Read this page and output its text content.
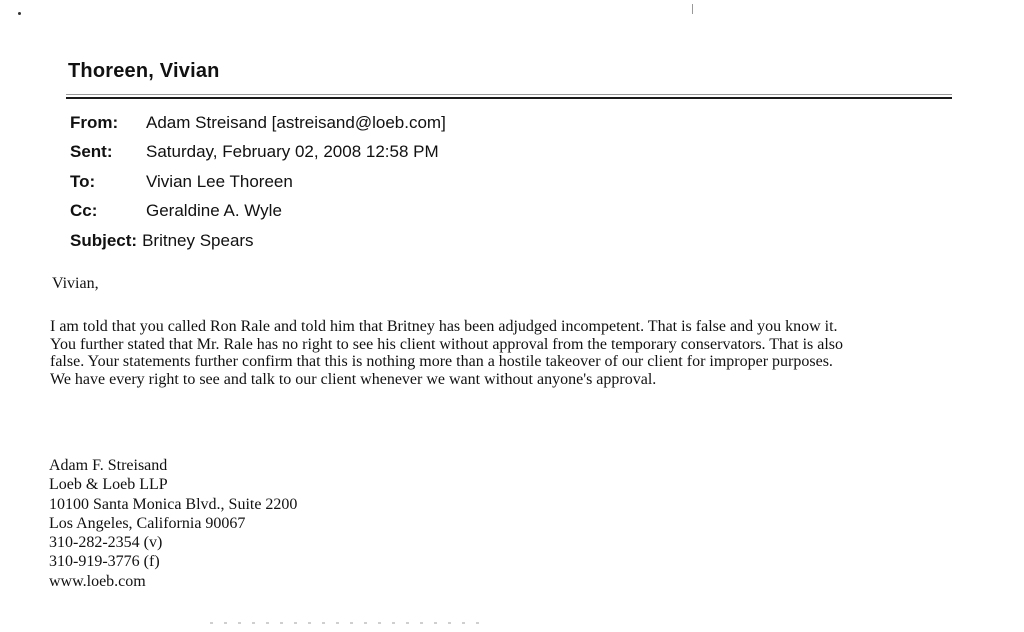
Thoreen, Vivian
From:	Adam Streisand [astreisand@loeb.com]
Sent:	Saturday, February 02, 2008 12:58 PM
To:	Vivian Lee Thoreen
Cc:	Geraldine A. Wyle
Subject: Britney Spears
Vivian,
I am told that you called Ron Rale and told him that Britney has been adjudged incompetent. That is false and you know it.
You further stated that Mr. Rale has no right to see his client without approval from the temporary conservators. That is also
false. Your statements further confirm that this is nothing more than a hostile takeover of our client for improper purposes.
We have every right to see and talk to our client whenever we want without anyone's approval.
Adam F. Streisand
Loeb & Loeb LLP
10100 Santa Monica Blvd., Suite 2200
Los Angeles, California 90067
310-282-2354 (v)
310-919-3776 (f)
www.loeb.com
